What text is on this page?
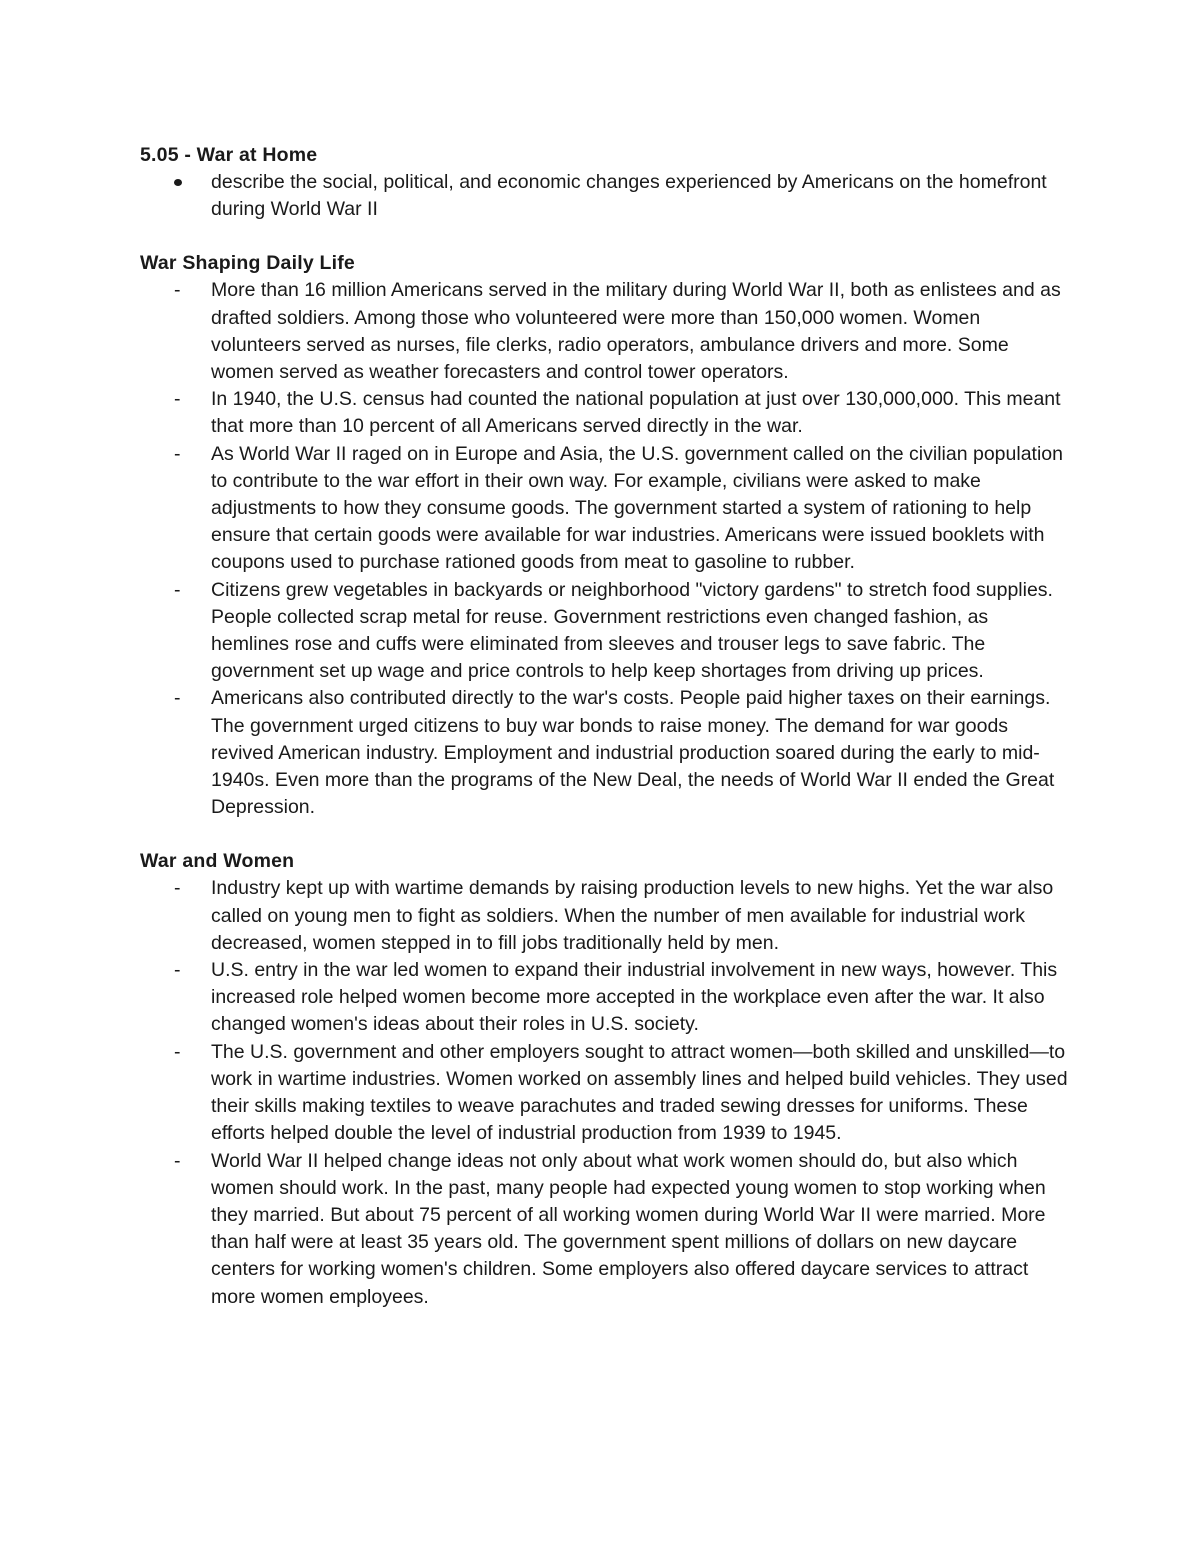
5.05 - War at Home
describe the social, political, and economic changes experienced by Americans on the homefront during World War II
War Shaping Daily Life
-	More than 16 million Americans served in the military during World War II, both as enlistees and as drafted soldiers. Among those who volunteered were more than 150,000 women. Women volunteers served as nurses, file clerks, radio operators, ambulance drivers and more. Some women served as weather forecasters and control tower operators.
-	In 1940, the U.S. census had counted the national population at just over 130,000,000. This meant that more than 10 percent of all Americans served directly in the war.
-	As World War II raged on in Europe and Asia, the U.S. government called on the civilian population to contribute to the war effort in their own way. For example, civilians were asked to make adjustments to how they consume goods. The government started a system of rationing to help ensure that certain goods were available for war industries. Americans were issued booklets with coupons used to purchase rationed goods from meat to gasoline to rubber.
-	Citizens grew vegetables in backyards or neighborhood "victory gardens" to stretch food supplies. People collected scrap metal for reuse. Government restrictions even changed fashion, as hemlines rose and cuffs were eliminated from sleeves and trouser legs to save fabric. The government set up wage and price controls to help keep shortages from driving up prices.
-	Americans also contributed directly to the war's costs. People paid higher taxes on their earnings. The government urged citizens to buy war bonds to raise money. The demand for war goods revived American industry. Employment and industrial production soared during the early to mid-1940s. Even more than the programs of the New Deal, the needs of World War II ended the Great Depression.
War and Women
-	Industry kept up with wartime demands by raising production levels to new highs. Yet the war also called on young men to fight as soldiers. When the number of men available for industrial work decreased, women stepped in to fill jobs traditionally held by men.
-	U.S. entry in the war led women to expand their industrial involvement in new ways, however. This increased role helped women become more accepted in the workplace even after the war. It also changed women's ideas about their roles in U.S. society.
-	The U.S. government and other employers sought to attract women—both skilled and unskilled—to work in wartime industries. Women worked on assembly lines and helped build vehicles. They used their skills making textiles to weave parachutes and traded sewing dresses for uniforms. These efforts helped double the level of industrial production from 1939 to 1945.
-	World War II helped change ideas not only about what work women should do, but also which women should work. In the past, many people had expected young women to stop working when they married. But about 75 percent of all working women during World War II were married. More than half were at least 35 years old. The government spent millions of dollars on new daycare centers for working women's children. Some employers also offered daycare services to attract more women employees.
